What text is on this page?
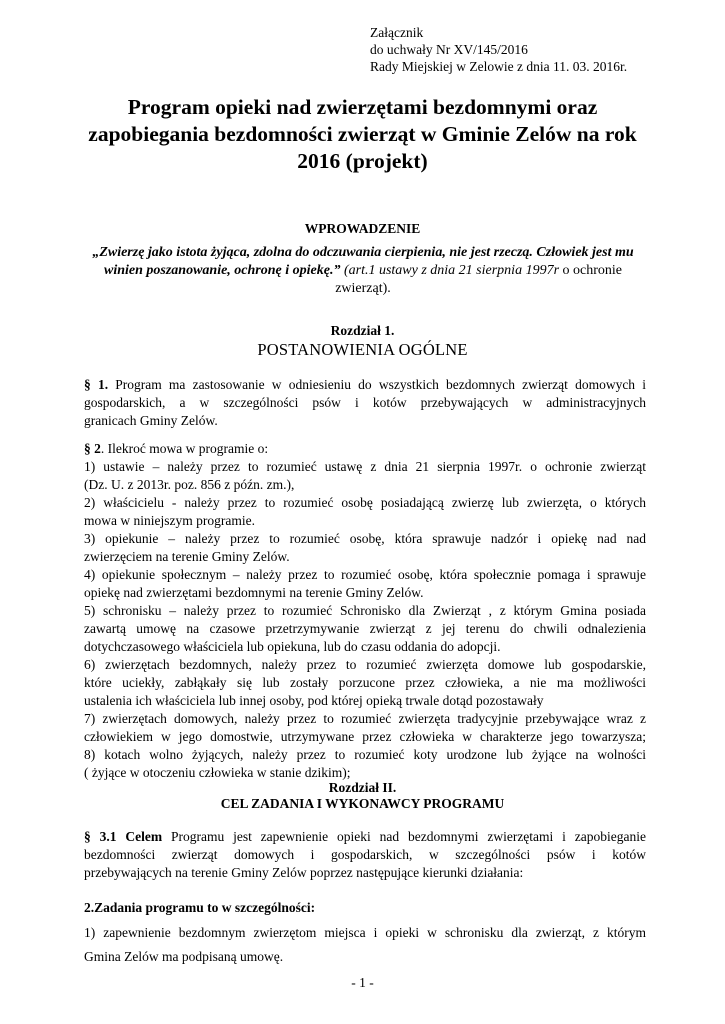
Załącznik
do uchwały Nr XV/145/2016
Rady Miejskiej w Zelowie z dnia 11. 03. 2016r.
Program opieki nad zwierzętami bezdomnymi oraz
zapobiegania bezdomności zwierząt w Gminie Zelów na rok
2016 (projekt)
WPROWADZENIE
„Zwierzę jako istota żyjąca, zdolna do odczuwania cierpienia, nie jest rzeczą. Człowiek jest mu
winien poszanowanie, ochronę i opiekę.” (art.1 ustawy z dnia 21 sierpnia 1997r o ochronie
zwierząt).
Rozdział 1.
POSTANOWIENIA OGÓLNE
§ 1. Program ma zastosowanie w odniesieniu do wszystkich bezdomnych zwierząt domowych i
gospodarskich, a w szczególności psów i kotów przebywających w administracyjnych
granicach Gminy Zelów.
§ 2. Ilekroć mowa w programie o:
1) ustawie – należy przez to rozumieć ustawę z dnia 21 sierpnia 1997r. o ochronie zwierząt
(Dz. U. z 2013r. poz. 856 z późn. zm.),
2) właścicielu - należy przez to rozumieć osobę posiadającą zwierzę lub zwierzęta, o których
mowa w niniejszym programie.
3) opiekunie – należy przez to rozumieć osobę, która sprawuje nadzór i opiekę nad nad
zwierzęciem na terenie Gminy Zelów.
4) opiekunie społecznym – należy przez to rozumieć osobę, która społecznie pomaga i sprawuje
opiekę nad zwierzętami bezdomnymi na terenie Gminy Zelów.
5) schronisku – należy przez to rozumieć Schronisko dla Zwierząt , z którym Gmina posiada
zawartą umowę na czasowe przetrzymywanie zwierząt z jej terenu do chwili odnalezienia
dotychczasowego właściciela lub opiekuna, lub do czasu oddania do adopcji.
6) zwierzętach bezdomnych, należy przez to rozumieć zwierzęta domowe lub gospodarskie,
które uciekły, zabłąkały się lub zostały porzucone przez człowieka, a nie ma możliwości
ustalenia ich właściciela lub innej osoby, pod której opieką trwale dotąd pozostawały
7) zwierzętach domowych, należy przez to rozumieć zwierzęta tradycyjnie przebywające wraz z
człowiekiem w jego domostwie, utrzymywane przez człowieka w charakterze jego towarzysza;
8) kotach wolno żyjących, należy przez to rozumieć koty urodzone lub żyjące na wolności
( żyjące w otoczeniu człowieka w stanie dzikim);
Rozdział II.
CEL ZADANIA I WYKONAWCY PROGRAMU
§ 3.1 Celem Programu jest zapewnienie opieki nad bezdomnymi zwierzętami i zapobieganie
bezdomności zwierząt domowych i gospodarskich, w szczególności psów i kotów
przebywających na terenie Gminy Zelów poprzez następujące kierunki działania:
2.Zadania programu to w szczególności:
1) zapewnienie bezdomnym zwierzętom miejsca i opieki w schronisku dla zwierząt, z którym
Gmina Zelów ma podpisaną umowę.
- 1 -
